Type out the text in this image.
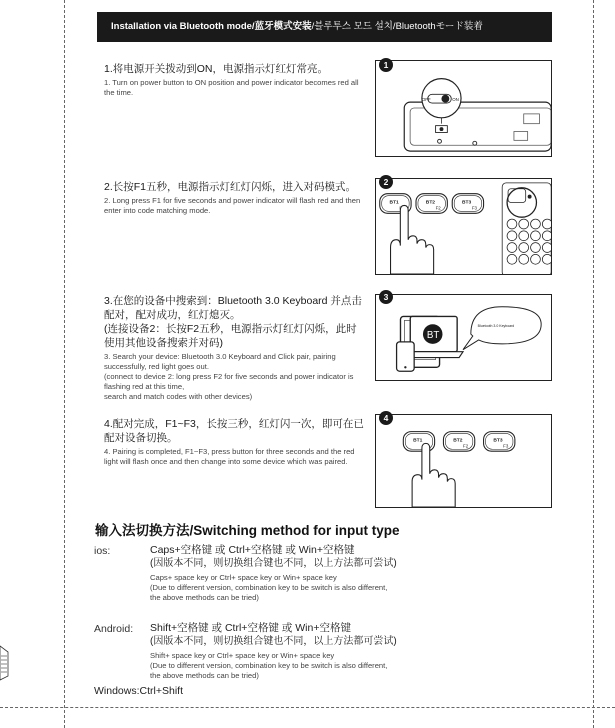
Installation via Bluetooth mode/蓝牙模式安装/블루투스 모드 설치/Bluetoothモード装着
1.将电源开关拨动到ON，电源指示灯红灯常亮。
1. Turn on power button to ON position and power indicator becomes red all the time.
OFF	ON
1
2.长按F1五秒，电源指示灯红灯闪烁，进入对码模式。
2. Long press F1 for five seconds and power indicator will flash red and then enter into code matching mode.
BT1	BT2
F2
BT3
F3
2
3.在您的设备中搜索到：Bluetooth 3.0 Keyboard 并点击配对，配对成功，红灯熄灭。
(连接设备2：长按F2五秒，电源指示灯红灯闪烁，此时使用其他设备搜索并对码)
3. Search your device: Bluetooth 3.0 Keyboard and Click pair, pairing successfully, red light goes out.
(connect to device 2: long press F2 for five seconds and power indicator is flashing red at this time,
search and match codes with other devices)
BT
Bluetooth 3.0 Keyboard
3
4.配对完成，F1~F3，长按三秒，红灯闪一次，即可在已配对设备切换。
4. Pairing is completed, F1~F3, press button for three seconds and the red light will flash once and then change into some device which was paired.
BT1	BT2
F2
BT3
F3
4
输入法切换方法/Switching method for input type
ios:	Caps+空格键 或 Ctrl+空格键 或 Win+空格键
(因版本不同，则切换组合键也不同，以上方法都可尝试)
Caps+ space key or Ctrl+ space key or Win+ space key
(Due to different version, combination key to be switch is also different,
the above methods can be tried)
Android: Shift+空格键 或 Ctrl+空格键 或 Win+空格键
(因版本不同，则切换组合键也不同，以上方法都可尝试)
Shift+ space key or Ctrl+ space key or Win+ space key
(Due to different version, combination key to be switch is also different,
the above methods can be tried)
Windows:Ctrl+Shift
